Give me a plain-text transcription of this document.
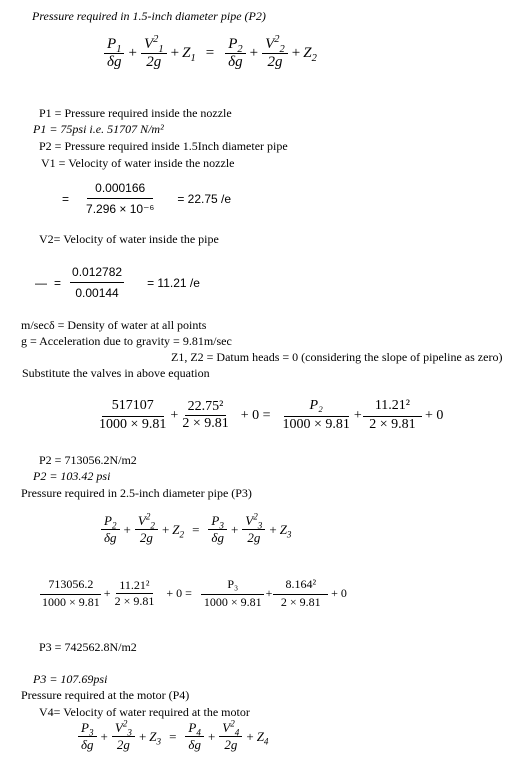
Pressure required in 1.5-inch diameter pipe (P2)
$\frac{P_1}{\delta g} + \frac{V^2_1}{2g} + Z_1 = \frac{P_2}{\delta g} + \frac{V^2_2}{2g} + Z_2$
P1 = Pressure required inside the nozzle
P1 = 75psi i.e. 51707 N/m²
P2 = Pressure required inside 1.5Inch diameter pipe
V1 = Velocity of water inside the nozzle
=	$\frac{0.000166}{\text{7.296 × 10⁻⁶}}$	= 22.75 /e
V2= Velocity of water inside the pipe
— = $\frac{0.012782}{0.00144}$	= 11.21 /e
m/secδ = Density of water at all points
g = Acceleration due to gravity = 9.81m/sec
Z1, Z2 = Datum heads = 0 (considering the slope of pipeline as zero)
Substitute the valves in above equation
$\frac{517107}{1000 \times 9.81} + \frac{\text{22.75²}}{2 \times 9.81} + 0 = \frac{\text{P₂}}{1000 \times 9.81} + \frac{\text{11.21²}}{2 \times 9.81} + 0$
P2 = 713056.2N/m2
P2 = 103.42 psi
Pressure required in 2.5-inch diameter pipe (P3)
$\frac{P_2}{\delta g} + \frac{V^2_2}{2g} + Z_2 = \frac{P_3}{\delta g} + \frac{V^2_3}{2g} + Z_3$
$\frac{713056.2}{1000 \times 9.81} + \frac{\text{11.21²}}{2 \times 9.81} + 0 = \frac{\text{P₃}}{1000 \times 9.81} + \frac{\text{8.164²}}{2 \times 9.81} + 0$
P3 = 742562.8N/m2
P3 = 107.69psi
Pressure required at the motor (P4)
V4= Velocity of water required at the motor
$\frac{P_3}{\delta g} + \frac{V^2_3}{2g} + Z_3 = \frac{P_4}{\delta g} + \frac{V^2_4}{2g} + Z_4$
